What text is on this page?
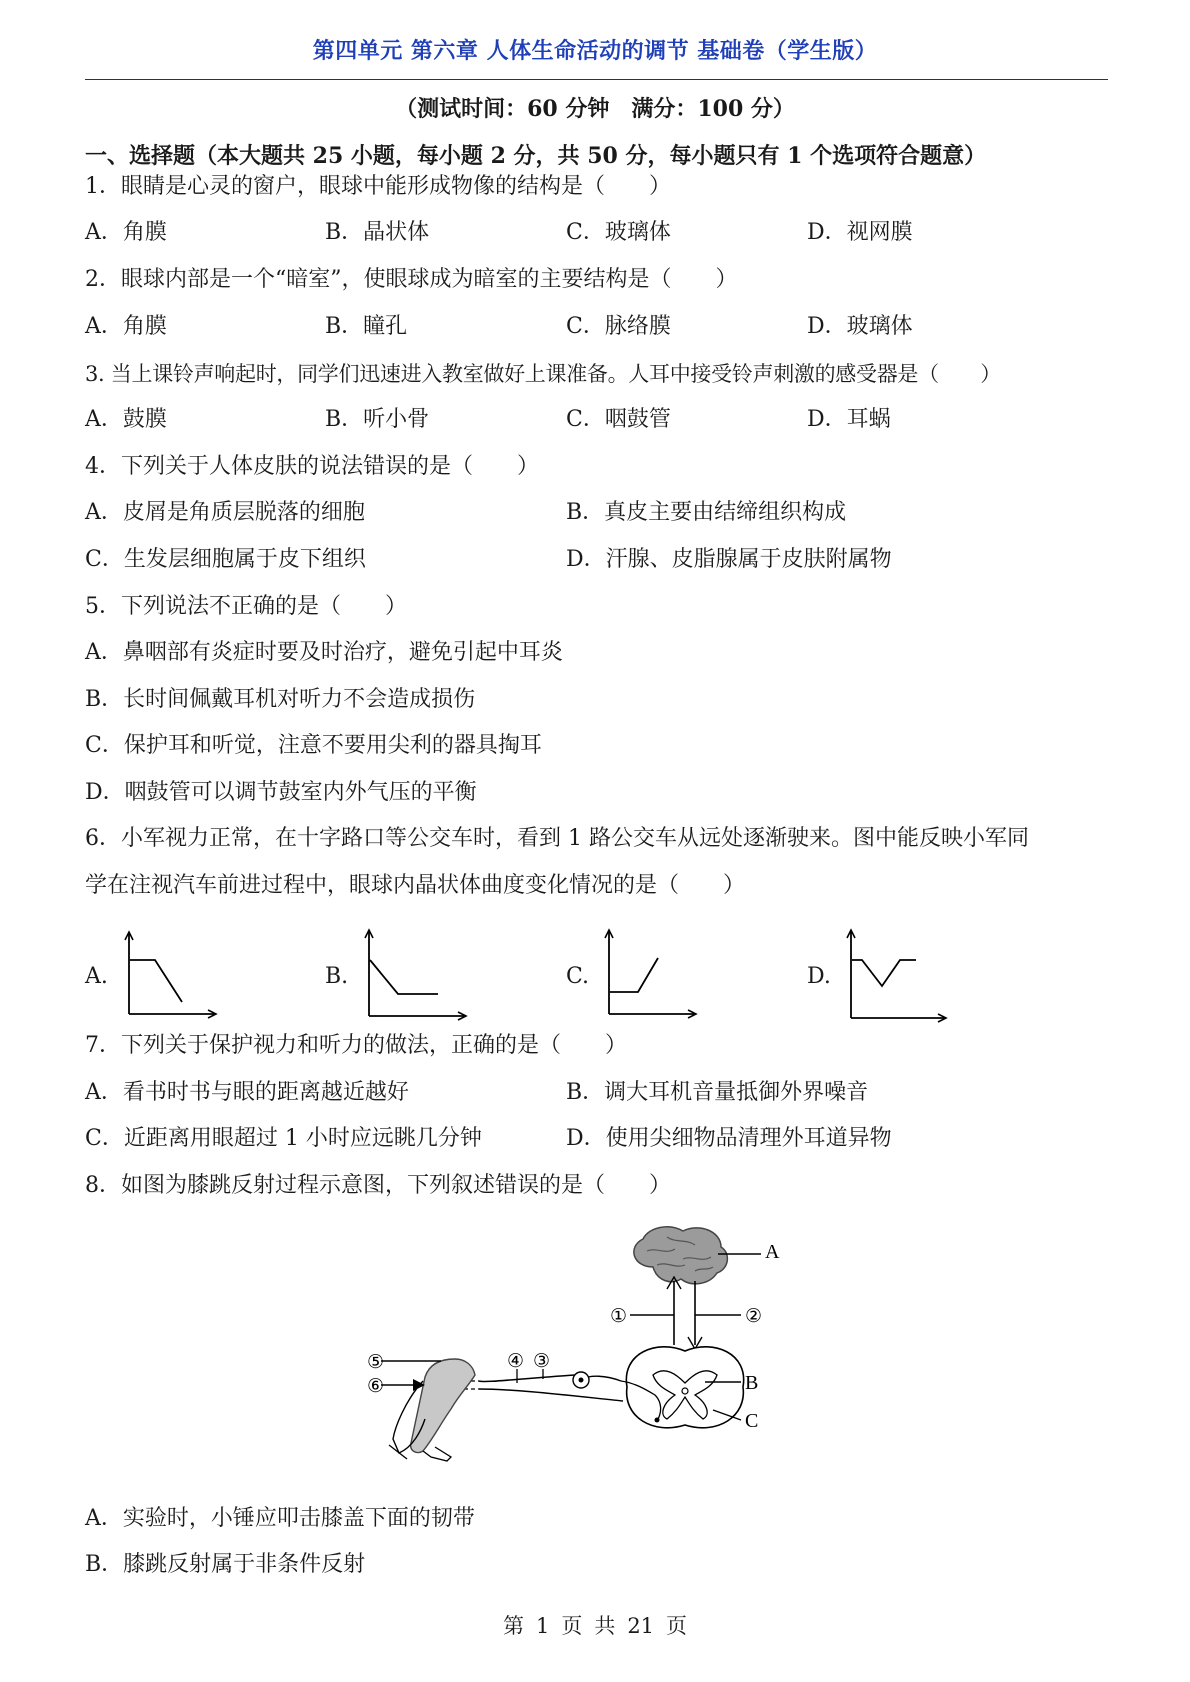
第四单元 第六章 人体生命活动的调节 基础卷（学生版）
（测试时间：60 分钟　满分：100 分）
一、选择题（本大题共 25 小题，每小题 2 分，共 50 分，每小题只有 1 个选项符合题意）
1．眼睛是心灵的窗户，眼球中能形成物像的结构是（　　）
A．角膜	B．晶状体	C．玻璃体	D．视网膜
2．眼球内部是一个“暗室”，使眼球成为暗室的主要结构是（　　）
A．角膜	B．瞳孔	C．脉络膜	D．玻璃体
3. 当上课铃声响起时，同学们迅速进入教室做好上课准备。人耳中接受铃声刺激的感受器是（　　）
A．鼓膜	B．听小骨	C．咽鼓管	D．耳蜗
4．下列关于人体皮肤的说法错误的是（　　）
A．皮屑是角质层脱落的细胞	B．真皮主要由结缔组织构成
C．生发层细胞属于皮下组织	D．汗腺、皮脂腺属于皮肤附属物
5．下列说法不正确的是（　　）
A．鼻咽部有炎症时要及时治疗，避免引起中耳炎
B．长时间佩戴耳机对听力不会造成损伤
C．保护耳和听觉，注意不要用尖利的器具掏耳
D．咽鼓管可以调节鼓室内外气压的平衡
6．小军视力正常，在十字路口等公交车时，看到 1 路公交车从远处逐渐驶来。图中能反映小军同
学在注视汽车前进过程中，眼球内晶状体曲度变化情况的是（　　）
A.	B.	C.	D.
7．下列关于保护视力和听力的做法，正确的是（　　）
A．看书时书与眼的距离越近越好	B．调大耳机音量抵御外界噪音
C．近距离用眼超过 1 小时应远眺几分钟	D．使用尖细物品清理外耳道异物
8．如图为膝跳反射过程示意图，下列叙述错误的是（　　）
A
①	②
B
C
④ ③
⑤
⑥
A．实验时，小锤应叩击膝盖下面的韧带
B．膝跳反射属于非条件反射
第 1 页 共 21 页
